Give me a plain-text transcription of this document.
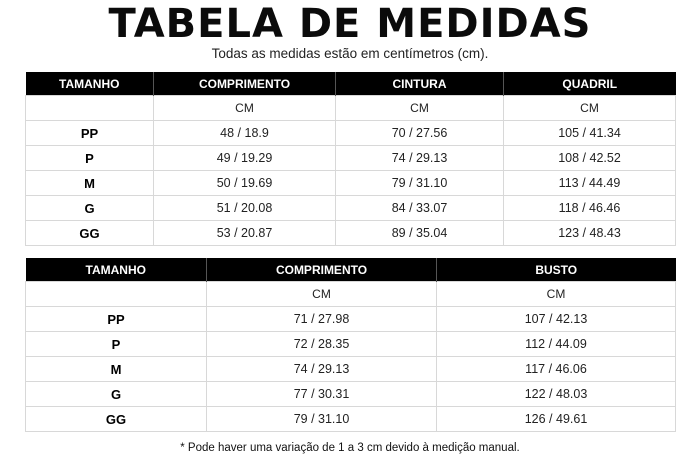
TABELA DE MEDIDAS
Todas as medidas estão em centímetros (cm).
TAMANHO	COMPRIMENTO	CINTURA	QUADRIL
	CM	CM	CM
PP	48 / 18.9	70 / 27.56	105 / 41.34
P	49 / 19.29	74 / 29.13	108 / 42.52
M	50 / 19.69	79 / 31.10	113 / 44.49
G	51 / 20.08	84 / 33.07	118 / 46.46
GG	53 / 20.87	89 / 35.04	123 / 48.43
TAMANHO	COMPRIMENTO	BUSTO
	CM	CM
PP	71 / 27.98	107 / 42.13
P	72 / 28.35	112 / 44.09
M	74 / 29.13	117 / 46.06
G	77 / 30.31	122 / 48.03
GG	79 / 31.10	126 / 49.61
* Pode haver uma variação de 1 a 3 cm devido à medição manual.
